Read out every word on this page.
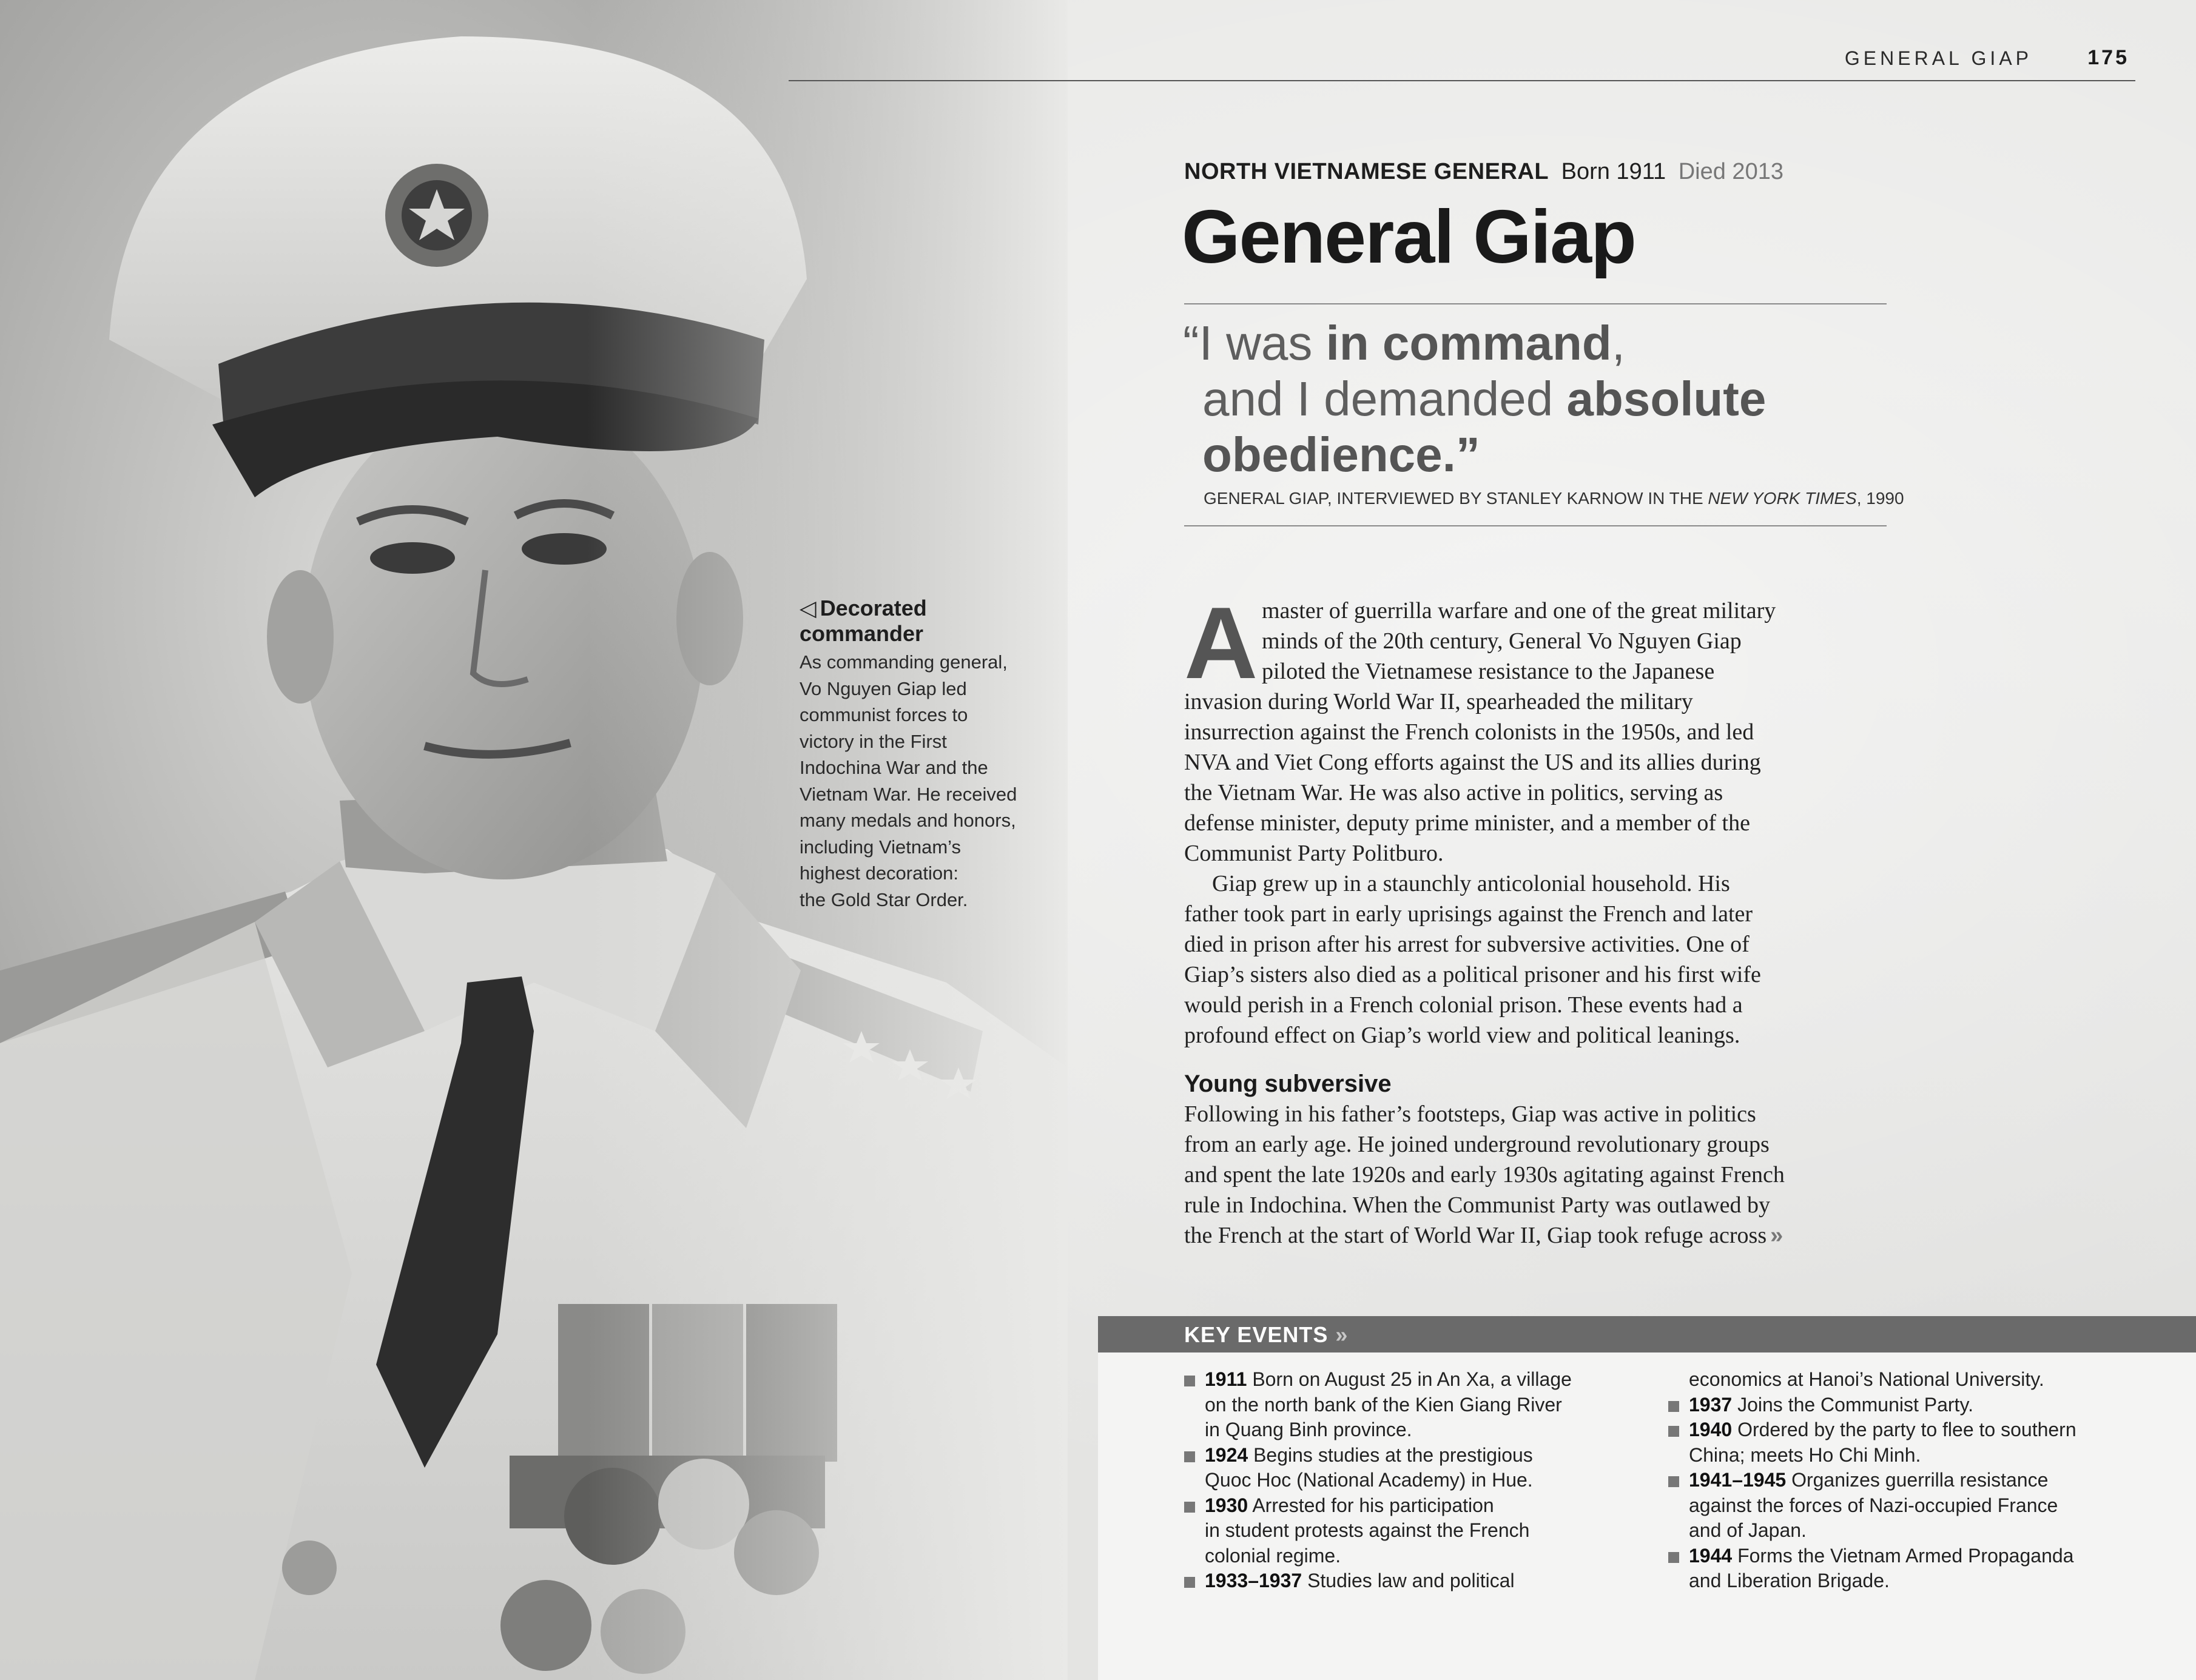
GENERAL GIAP	175
NORTH VIETNAMESE GENERAL Born 1911 Died 2013
General Giap
“I was in command,
and I demanded absolute
obedience.”
GENERAL GIAP, INTERVIEWED BY STANLEY KARNOW IN THE NEW YORK TIMES, 1990
◁ Decorated
commander
As commanding general,
Vo Nguyen Giap led
communist forces to
victory in the First
Indochina War and the
Vietnam War. He received
many medals and honors,
including Vietnam’s
highest decoration:
the Gold Star Order.
A master of guerrilla warfare and one of the great military
minds of the 20th century, General Vo Nguyen Giap
piloted the Vietnamese resistance to the Japanese
invasion during World War II, spearheaded the military
insurrection against the French colonists in the 1950s, and led
NVA and Viet Cong efforts against the US and its allies during
the Vietnam War. He was also active in politics, serving as
defense minister, deputy prime minister, and a member of the
Communist Party Politburo.
Giap grew up in a staunchly anticolonial household. His
father took part in early uprisings against the French and later
died in prison after his arrest for subversive activities. One of
Giap’s sisters also died as a political prisoner and his first wife
would perish in a French colonial prison. These events had a
profound effect on Giap’s world view and political leanings.
Young subversive
Following in his father’s footsteps, Giap was active in politics
from an early age. He joined underground revolutionary groups
and spent the late 1920s and early 1930s agitating against French
rule in Indochina. When the Communist Party was outlawed by
the French at the start of World War II, Giap took refuge across »
KEY EVENTS »
1911 Born on August 25 in An Xa, a village
on the north bank of the Kien Giang River
in Quang Binh province.
1924 Begins studies at the prestigious
Quoc Hoc (National Academy) in Hue.
1930 Arrested for his participation
in student protests against the French
colonial regime.
1933–1937 Studies law and political
economics at Hanoi’s National University.
1937 Joins the Communist Party.
1940 Ordered by the party to flee to southern
China; meets Ho Chi Minh.
1941–1945 Organizes guerrilla resistance
against the forces of Nazi-occupied France
and of Japan.
1944 Forms the Vietnam Armed Propaganda
and Liberation Brigade.
